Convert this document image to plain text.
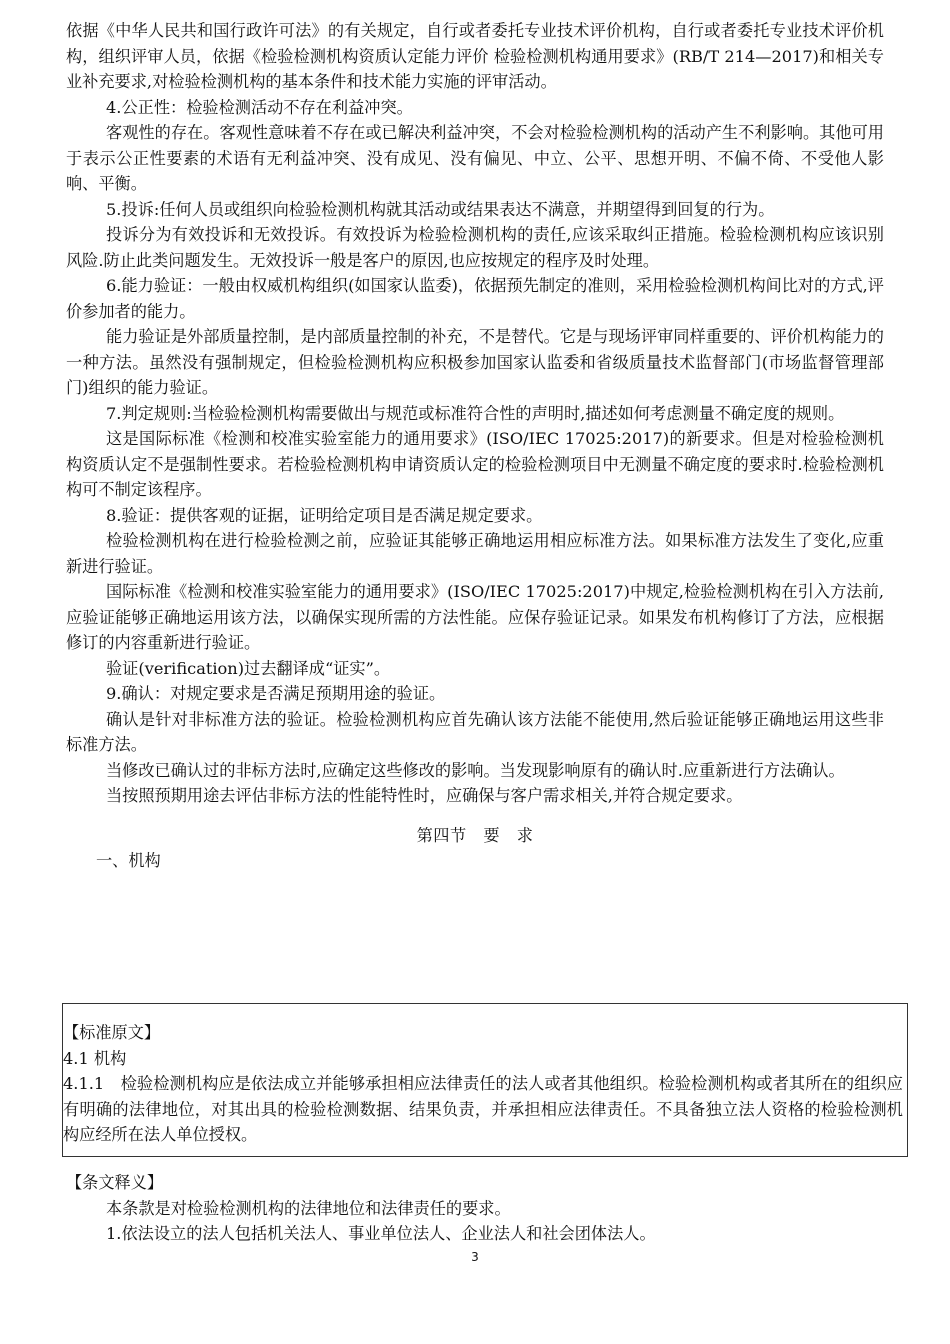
依据《中华人民共和国行政许可法》的有关规定，自行或者委托专业技术评价机构，自行或者委托专业技术评价机构，组织评审人员，依据《检验检测机构资质认定能力评价 检验检测机构通用要求》(RB/T 214—2017)和相关专业补充要求,对检验检测机构的基本条件和技术能力实施的评审活动。

4.公正性：检验检测活动不存在利益冲突。

客观性的存在。客观性意味着不存在或已解决利益冲突，不会对检验检测机构的活动产生不利影响。其他可用于表示公正性要素的术语有无利益冲突、没有成见、没有偏见、中立、公平、思想开明、不偏不倚、不受他人影响、平衡。

5.投诉:任何人员或组织向检验检测机构就其活动或结果表达不满意，并期望得到回复的行为。

投诉分为有效投诉和无效投诉。有效投诉为检验检测机构的责任,应该采取纠正措施。检验检测机构应该识别风险.防止此类问题发生。无效投诉一般是客户的原因,也应按规定的程序及时处理。

6.能力验证：一般由权威机构组织(如国家认监委)，依据预先制定的准则，采用检验检测机构间比对的方式,评价参加者的能力。

能力验证是外部质量控制，是内部质量控制的补充，不是替代。它是与现场评审同样重要的、评价机构能力的一种方法。虽然没有强制规定，但检验检测机构应积极参加国家认监委和省级质量技术监督部门(市场监督管理部门)组织的能力验证。

7.判定规则:当检验检测机构需要做出与规范或标准符合性的声明时,描述如何考虑测量不确定度的规则。

这是国际标准《检测和校准实验室能力的通用要求》(ISO/IEC 17025:2017)的新要求。但是对检验检测机构资质认定不是强制性要求。若检验检测机构申请资质认定的检验检测项目中无测量不确定度的要求时.检验检测机构可不制定该程序。

8.验证：提供客观的证据，证明给定项目是否满足规定要求。

检验检测机构在进行检验检测之前，应验证其能够正确地运用相应标准方法。如果标准方法发生了变化,应重新进行验证。

国际标准《检测和校准实验室能力的通用要求》(ISO/IEC 17025:2017)中规定,检验检测机构在引入方法前,应验证能够正确地运用该方法，以确保实现所需的方法性能。应保存验证记录。如果发布机构修订了方法，应根据修订的内容重新进行验证。

验证(verification)过去翻译成“证实”。

9.确认：对规定要求是否满足预期用途的验证。

确认是针对非标准方法的验证。检验检测机构应首先确认该方法能不能使用,然后验证能够正确地运用这些非标准方法。

当修改已确认过的非标方法时,应确定这些修改的影响。当发现影响原有的确认时.应重新进行方法确认。

当按照预期用途去评估非标方法的性能特性时，应确保与客户需求相关,并符合规定要求。

第四节　要　求

一、机构

【标准原文】

4.1 机构

4.1.1　检验检测机构应是依法成立并能够承担相应法律责任的法人或者其他组织。检验检测机构或者其所在的组织应有明确的法律地位，对其出具的检验检测数据、结果负责，并承担相应法律责任。不具备独立法人资格的检验检测机构应经所在法人单位授权。

【条文释义】

本条款是对检验检测机构的法律地位和法律责任的要求。

1.依法设立的法人包括机关法人、事业单位法人、企业法人和社会团体法人。

3
